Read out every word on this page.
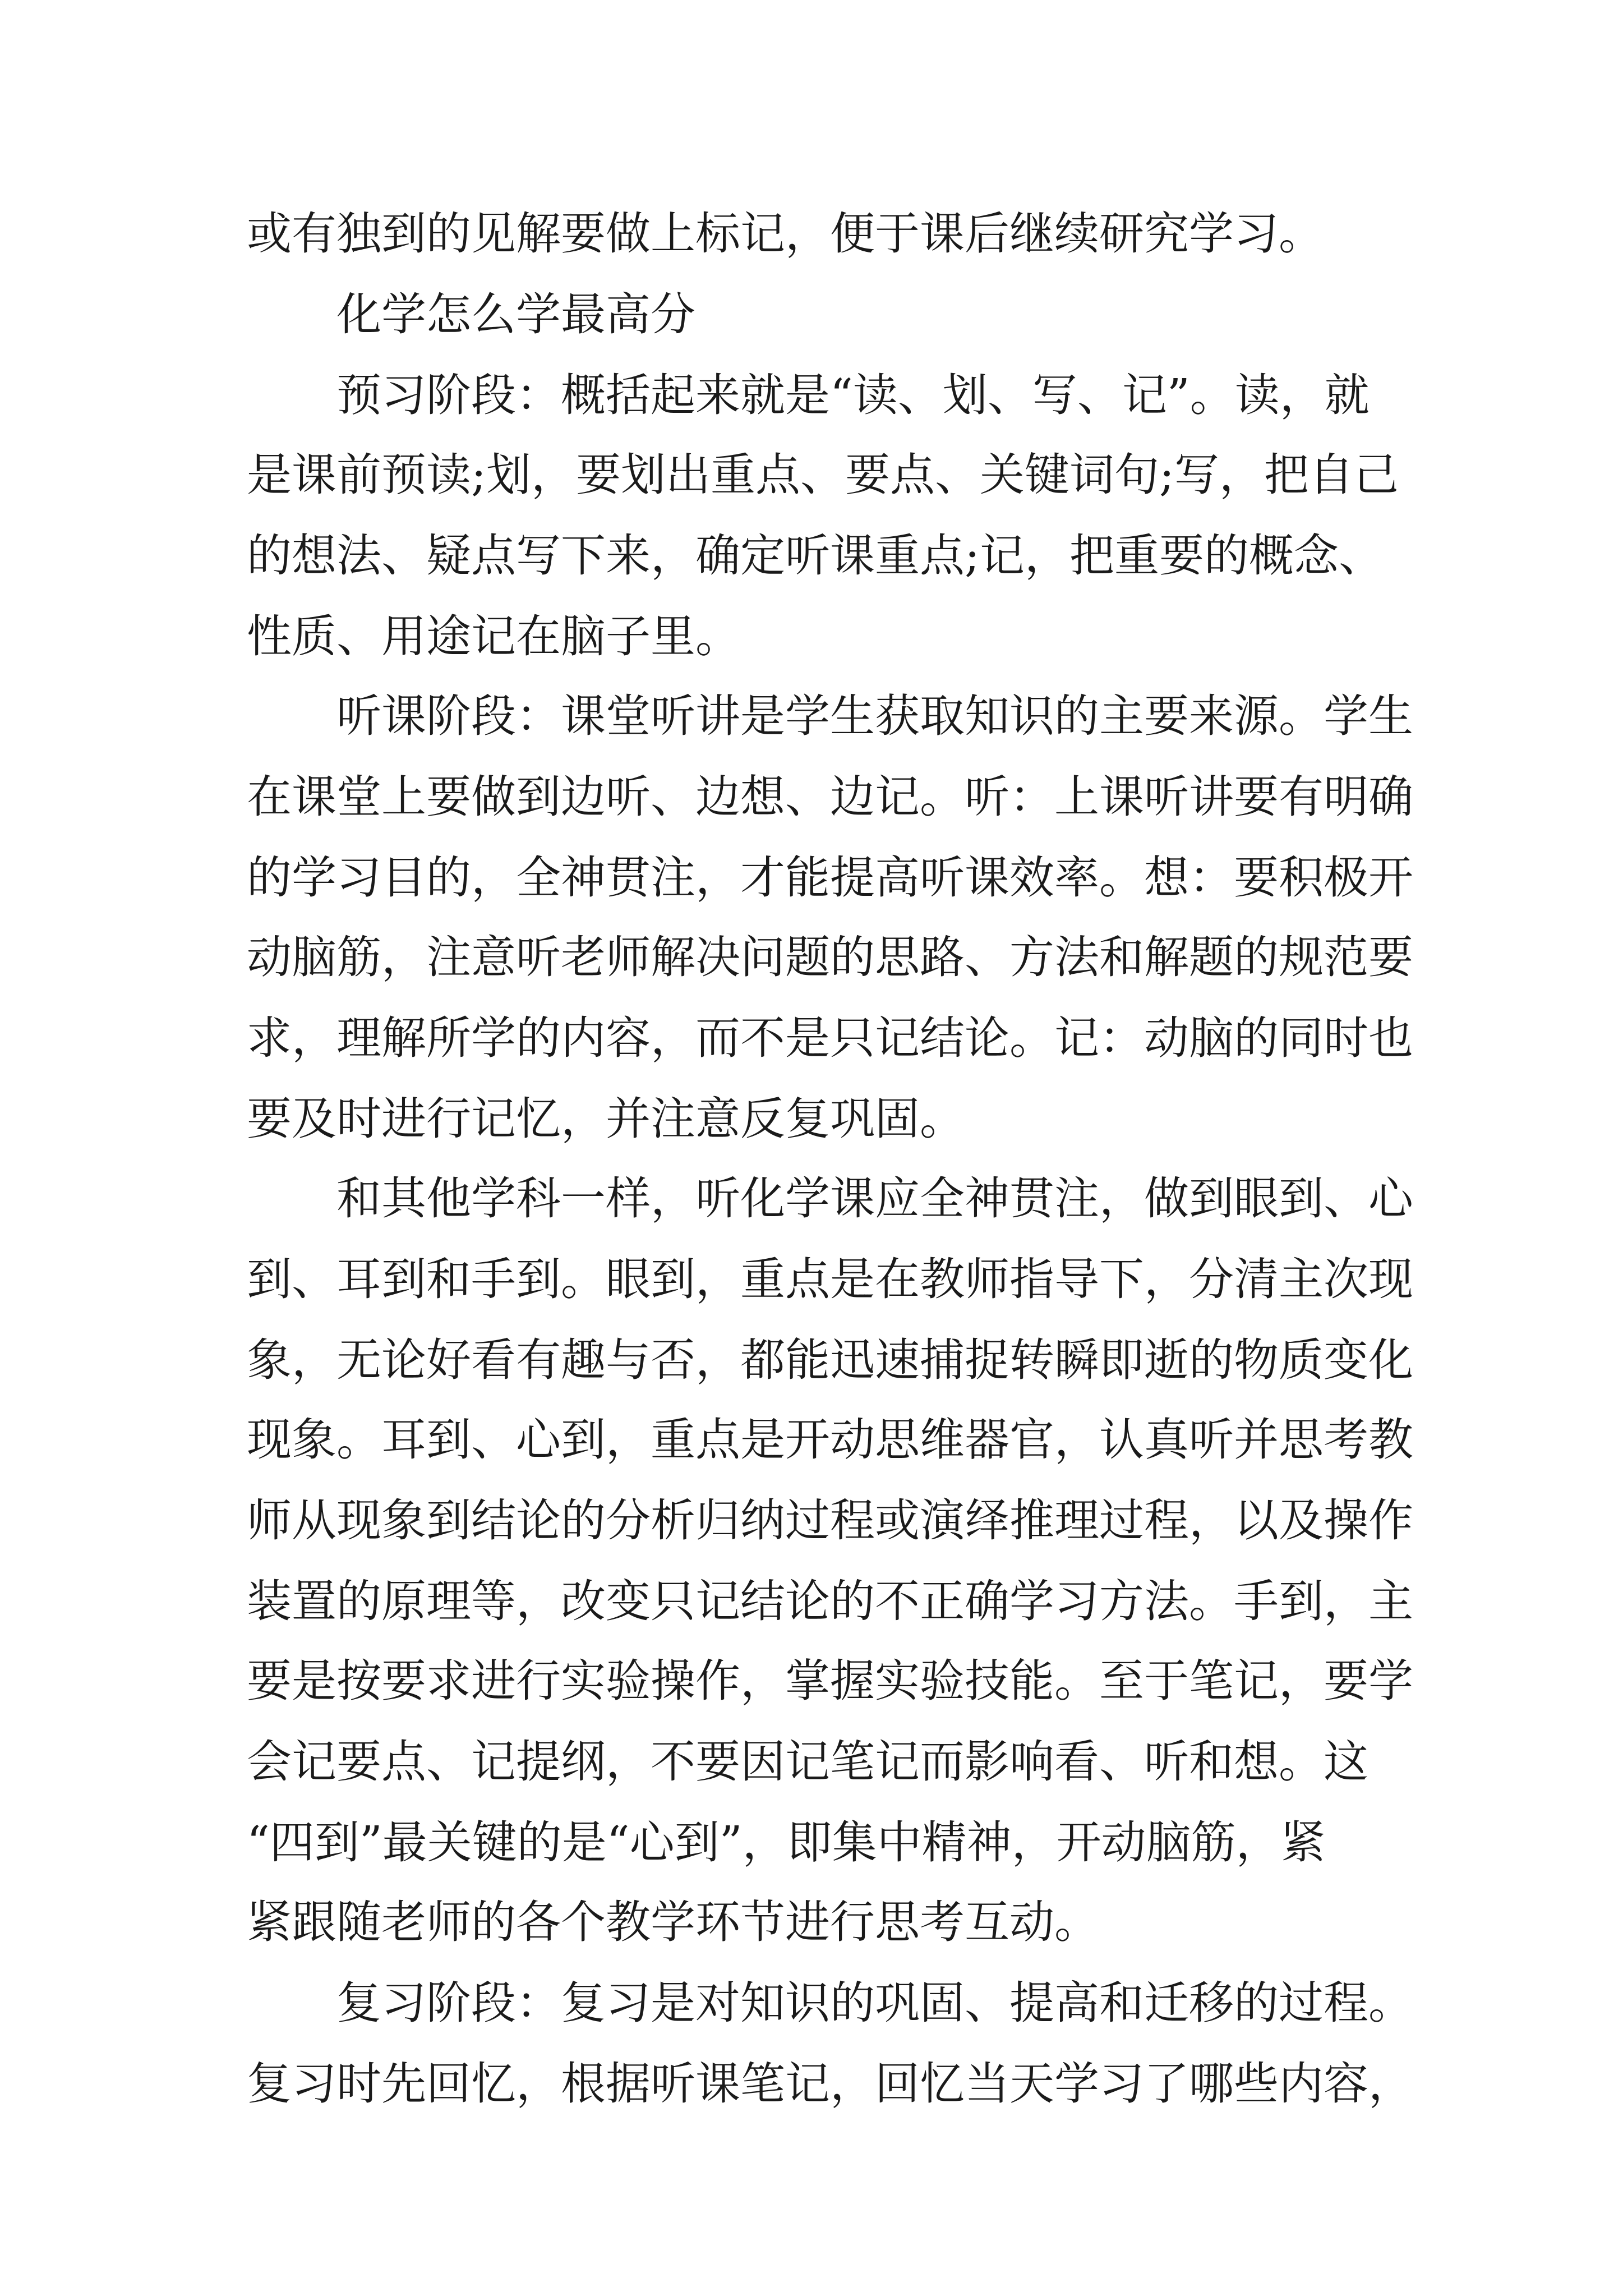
或有独到的见解要做上标记，便于课后继续研究学习。
化学怎么学最高分
预习阶段：概括起来就是“读、划、写、记”。读，就
是课前预读;划，要划出重点、要点、关键词句;写，把自己
的想法、疑点写下来，确定听课重点;记，把重要的概念、
性质、用途记在脑子里。
听课阶段：课堂听讲是学生获取知识的主要来源。学生
在课堂上要做到边听、边想、边记。听：上课听讲要有明确
的学习目的，全神贯注，才能提高听课效率。想：要积极开
动脑筋，注意听老师解决问题的思路、方法和解题的规范要
求，理解所学的内容，而不是只记结论。记：动脑的同时也
要及时进行记忆，并注意反复巩固。
和其他学科一样，听化学课应全神贯注，做到眼到、心
到、耳到和手到。眼到，重点是在教师指导下，分清主次现
象，无论好看有趣与否，都能迅速捕捉转瞬即逝的物质变化
现象。耳到、心到，重点是开动思维器官，认真听并思考教
师从现象到结论的分析归纳过程或演绎推理过程，以及操作
装置的原理等，改变只记结论的不正确学习方法。手到，主
要是按要求进行实验操作，掌握实验技能。至于笔记，要学
会记要点、记提纲，不要因记笔记而影响看、听和想。这
“四到”最关键的是“心到”，即集中精神，开动脑筋，紧
紧跟随老师的各个教学环节进行思考互动。
复习阶段：复习是对知识的巩固、提高和迁移的过程。
复习时先回忆，根据听课笔记，回忆当天学习了哪些内容，
